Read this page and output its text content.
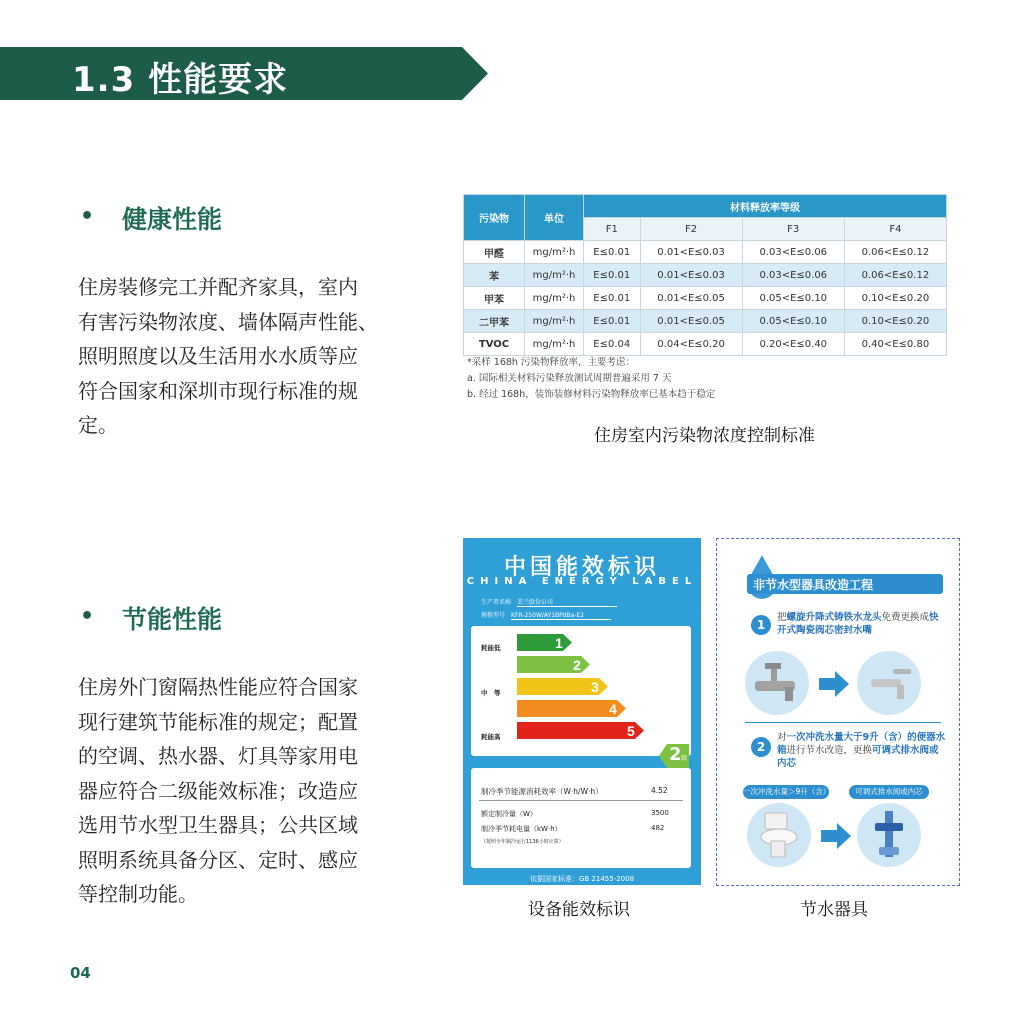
1.3 性能要求
• 健康性能
住房装修完工并配齐家具，室内
有害污染物浓度、墙体隔声性能、
照明照度以及生活用水水质等应
符合国家和深圳市现行标准的规
定。
污染物	单位	材料释放率等级			
		F1	F2	F3	F4
甲醛	mg/m²·h	E≤0.01	0.01<E≤0.03	0.03<E≤0.06	0.06<E≤0.12
苯	mg/m²·h	E≤0.01	0.01<E≤0.03	0.03<E≤0.06	0.06<E≤0.12
甲苯	mg/m²·h	E≤0.01	0.01<E≤0.05	0.05<E≤0.10	0.10<E≤0.20
二甲苯	mg/m²·h	E≤0.01	0.01<E≤0.05	0.05<E≤0.10	0.10<E≤0.20
TVOC	mg/m²·h	E≤0.04	0.04<E≤0.20	0.20<E≤0.40	0.40<E≤0.80
*采样 168h 污染物释放率，主要考虑：
a. 国际相关材料污染释放测试周期普遍采用 7 天
b. 经过 168h，装饰装修材料污染物释放率已基本趋于稳定
住房室内污染物浓度控制标准
• 节能性能
住房外门窗隔热性能应符合国家
现行建筑节能标准的规定；配置
的空调、热水器、灯具等家用电
器应符合二级能效标准；改造应
选用节水型卫生器具；公共区域
照明系统具备分区、定时、感应
等控制功能。
中国能效标识
CHINA ENERGY LABEL
生产者名称 美兰股份公司
规格型号 KFR-250W/AY1BPdBa-E2
耗能低
中　等
耗能高
1
2
3
4
5
2 级
制冷季节能源消耗效率（W·h/W·h）	4.52
额定制冷量（W）	3500
制冷季节耗电量（kW·h）	482
（按照全年制冷运行1136小时计算）
依据国家标准：GB 21455-2008
设备能效标识
非节水型器具改造工程
1
把螺旋升降式铸铁水龙头免费更换成快开式陶瓷阀芯密封水嘴
2
对一次冲洗水量大于9升（含）的便器水箱进行节水改造，更换可调式排水阀或内芯
一次冲洗水量＞9升（含）	可调式排水阀或内芯
节水器具
04
